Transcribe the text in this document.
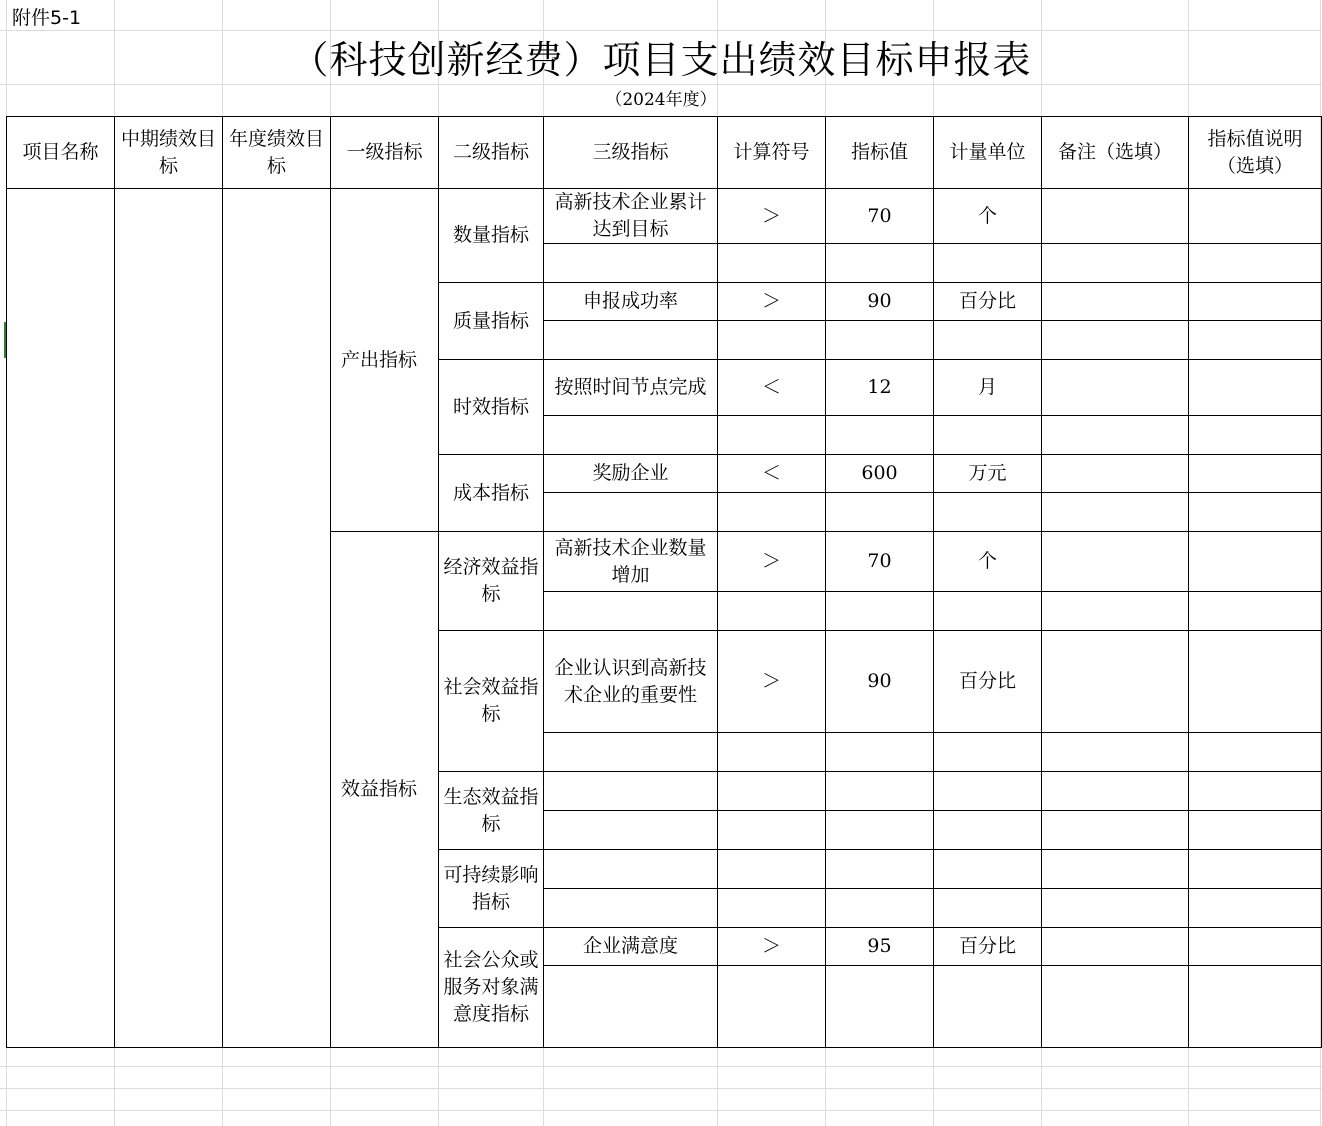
附件5-1
（科技创新经费）项目支出绩效目标申报表
（2024年度）
项目名称	中期绩效目标	年度绩效目标	一级指标	二级指标	三级指标	计算符号	指标值	计量单位	备注（选填）	指标值说明（选填）
			产出指标	数量指标	高新技术企业累计达到目标	＞	70	个		

				质量指标	申报成功率	＞	90	百分比		

				时效指标	按照时间节点完成	＜	12	月		

				成本指标	奖励企业	＜	600	万元		

			效益指标	经济效益指标	高新技术企业数量增加	＞	70	个		

				社会效益指标	企业认识到高新技术企业的重要性	＞	90	百分比		

				生态效益指标						

				可持续影响指标						

				社会公众或服务对象满意度指标	企业满意度	＞	95	百分比		
